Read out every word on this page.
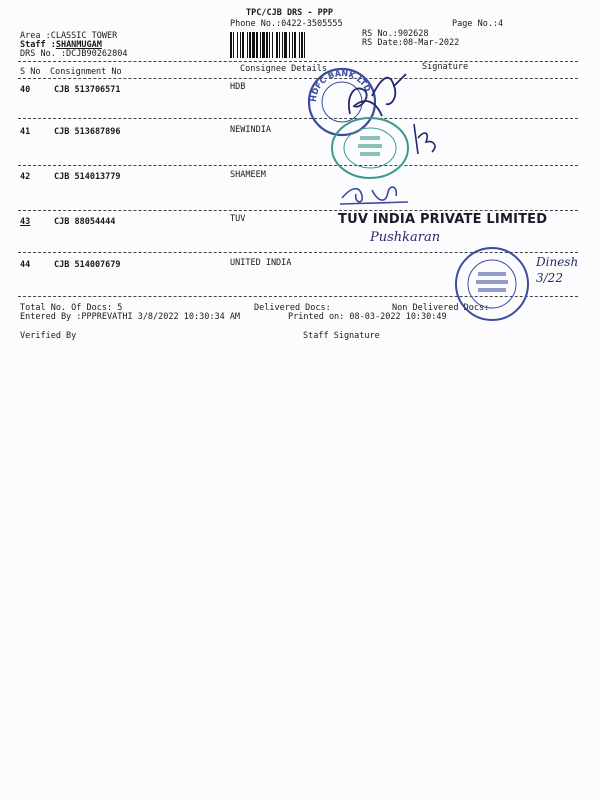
TPC/CJB DRS - PPP
Phone No.:0422-3505555	Page No.:4
Area :CLASSIC TOWER
Staff :SHANMUGAM
DRS No. :DCJB90262804
RS No.:902628
RS Date:08-Mar-2022
S No Consignment No	Consignee Details	Signature
40	CJB 513706571	HDB
41	CJB 513687896	NEWINDIA
42	CJB 514013779	SHAMEEM
43	CJB 88054444	TUV
44	CJB 514007679	UNITED INDIA
Total No. Of Docs: 5	Delivered Docs:	Non Delivered Docs:
Entered By :PPPREVATHI 3/8/2022 10:30:34 AM	Printed on: 08-03-2022 10:30:49
Verified By	Staff Signature
HDFC BANK LTD
TUV INDIA PRIVATE LIMITED
Pushkaran
Dinesh 3/22
